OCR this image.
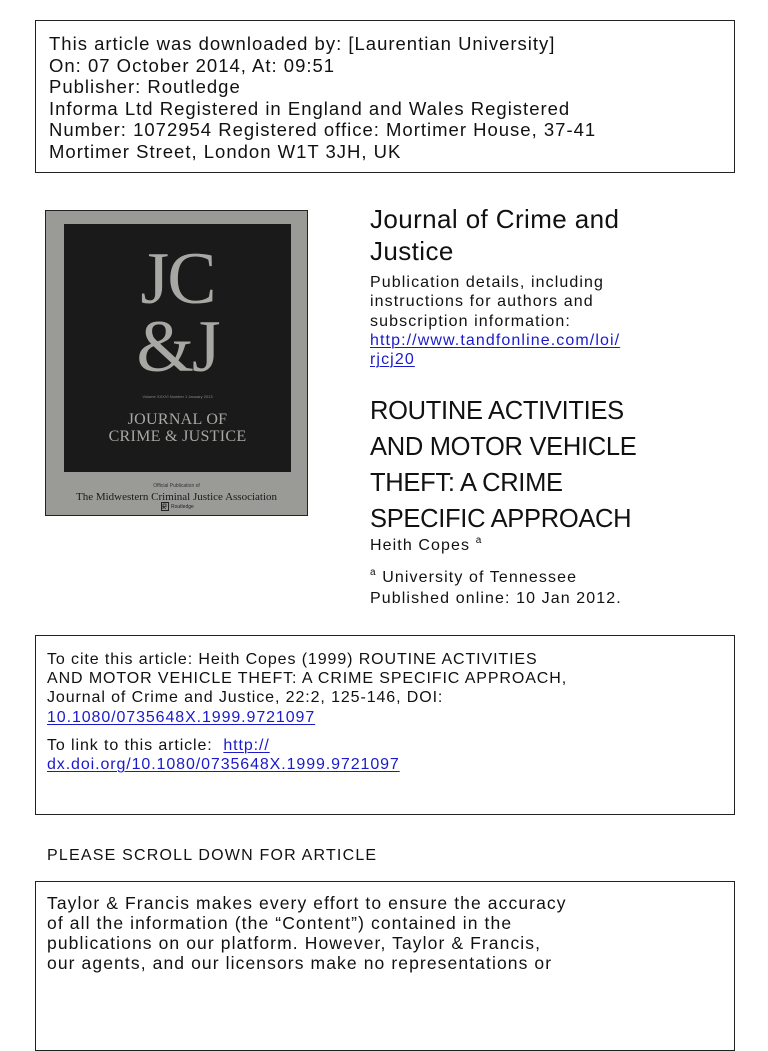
This article was downloaded by: [Laurentian University]
On: 07 October 2014, At: 09:51
Publisher: Routledge
Informa Ltd Registered in England and Wales Registered
Number: 1072954 Registered office: Mortimer House, 37-41
Mortimer Street, London W1T 3JH, UK
JC
&J
Volume XXXVI Number 1 January 2013
JOURNAL OF
CRIME & JUSTICE
Official Publication of
The Midwestern Criminal Justice Association
Routledge
Journal of Crime and
Justice
Publication details, including
instructions for authors and
subscription information:
http://www.tandfonline.com/loi/
rjcj20
ROUTINE ACTIVITIES
AND MOTOR VEHICLE
THEFT: A CRIME
SPECIFIC APPROACH
Heith Copes $^a$
$^a$ University of Tennessee
Published online: 10 Jan 2012.
To cite this article: Heith Copes (1999) ROUTINE ACTIVITIES
AND MOTOR VEHICLE THEFT: A CRIME SPECIFIC APPROACH,
Journal of Crime and Justice, 22:2, 125-146, DOI:
10.1080/0735648X.1999.9721097
To link to this article: http://
dx.doi.org/10.1080/0735648X.1999.9721097
PLEASE SCROLL DOWN FOR ARTICLE
Taylor & Francis makes every effort to ensure the accuracy
of all the information (the “Content”) contained in the
publications on our platform. However, Taylor & Francis,
our agents, and our licensors make no representations or
